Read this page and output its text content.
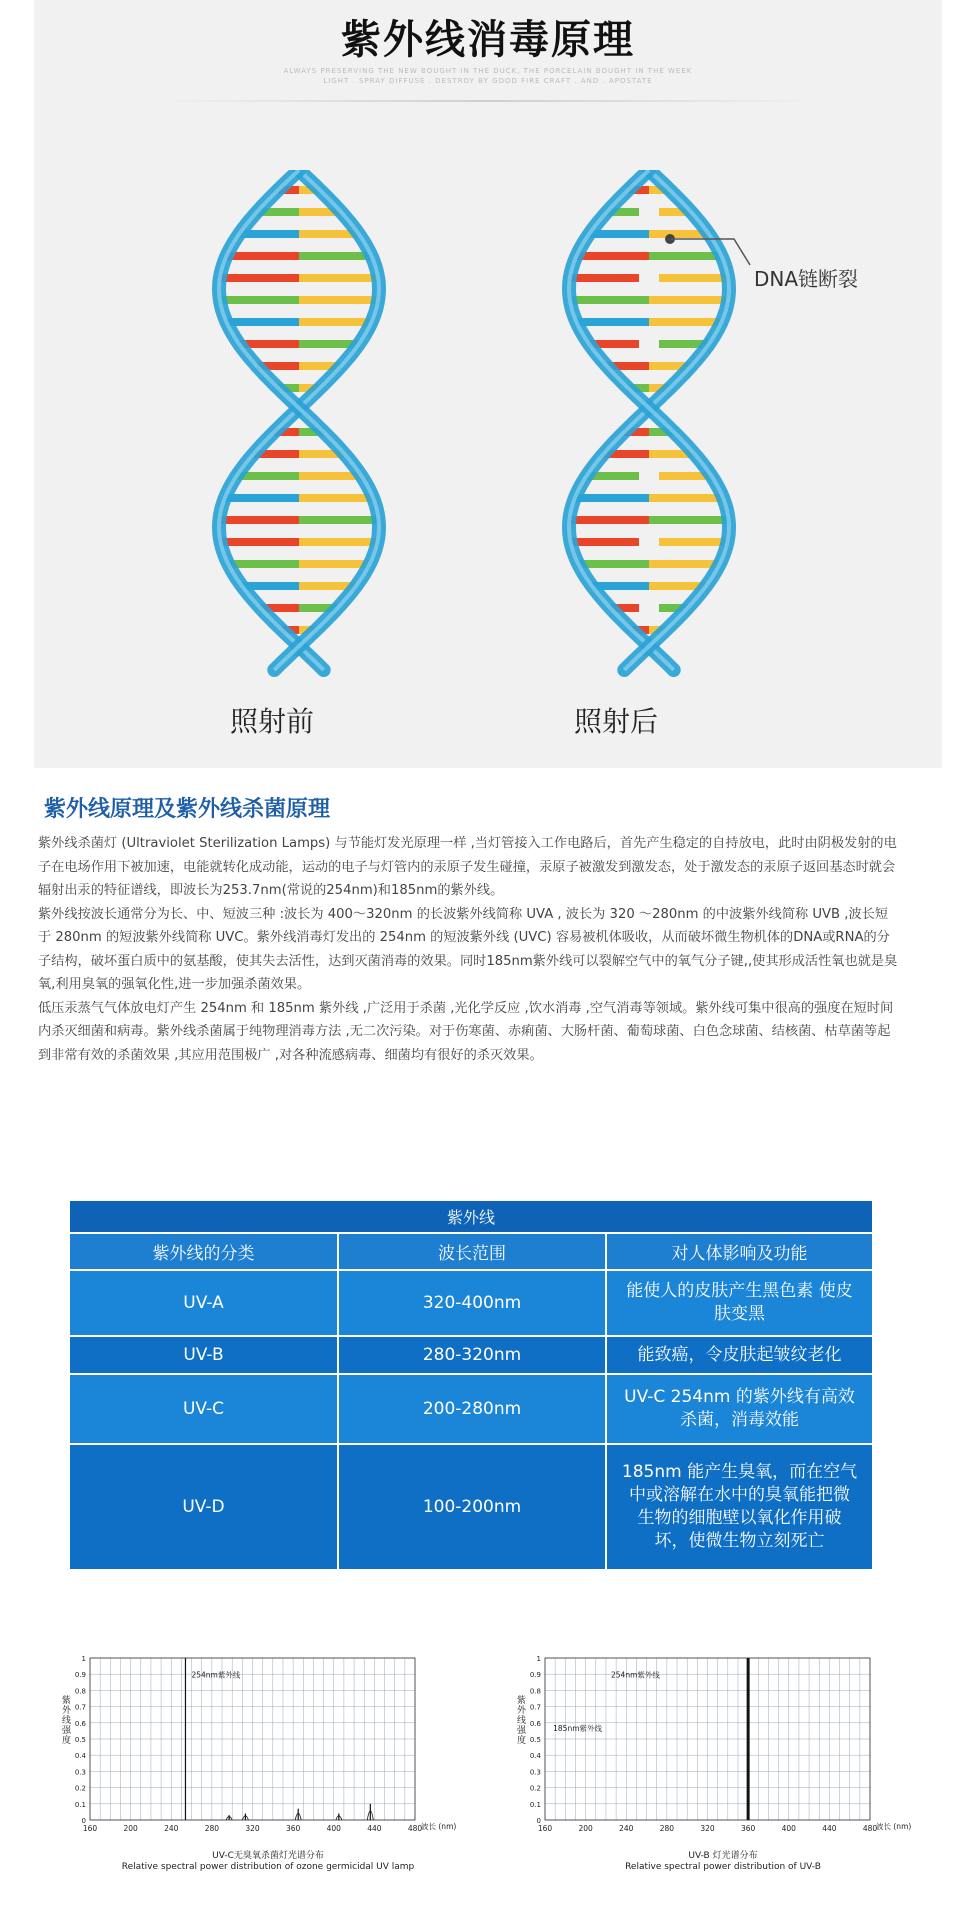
紫外线消毒原理
ALWAYS PRESERVING THE NEW BOUGHT IN THE DUCK, THE PORCELAIN BOUGHT IN THE WEEK
LIGHT . SPRAY DIFFUSE . DESTROY BY GOOD FIRE CRAFT . AND . APOSTATE
DNA链断裂
照射前	照射后
紫外线原理及紫外线杀菌原理

紫外线杀菌灯 (Ultraviolet Sterilization Lamps) 与节能灯发光原理一样 ,当灯管接入工作电路后，首先产生稳定的自持放电，此时由阴极发射的电子在电场作用下被加速，电能就转化成动能，运动的电子与灯管内的汞原子发生碰撞，汞原子被激发到激发态，处于激发态的汞原子返回基态时就会辐射出汞的特征谱线，即波长为253.7nm(常说的254nm)和185nm的紫外线。

紫外线按波长通常分为长、中、短波三种 :波长为 400～320nm 的长波紫外线简称 UVA , 波长为 320 ～280nm 的中波紫外线简称 UVB ,波长短于 280nm 的短波紫外线简称 UVC。紫外线消毒灯发出的 254nm 的短波紫外线 (UVC) 容易被机体吸收，从而破坏微生物机体的DNA或RNA的分子结构，破坏蛋白质中的氨基酸，使其失去活性，达到灭菌消毒的效果。同时185nm紫外线可以裂解空气中的氧气分子键,,使其形成活性氧也就是臭氧,利用臭氧的强氧化性,进一步加强杀菌效果。

低压汞蒸气气体放电灯产生 254nm 和 185nm 紫外线 ,广泛用于杀菌 ,光化学反应 ,饮水消毒 ,空气消毒等领域。紫外线可集中很高的强度在短时间内杀灭细菌和病毒。紫外线杀菌属于纯物理消毒方法 ,无二次污染。对于伤寒菌、赤痢菌、大肠杆菌、葡萄球菌、白色念球菌、结核菌、枯草菌等起到非常有效的杀菌效果 ,其应用范围极广 ,对各种流感病毒、细菌均有很好的杀灭效果。

紫外线		
紫外线的分类	波长范围	对人体影响及功能
UV-A	320-400nm	能使人的皮肤产生黑色素 使皮肤变黑
UV-B	280-320nm	能致癌，令皮肤起皱纹老化
UV-C	200-280nm	UV-C 254nm 的紫外线有高效杀菌，消毒效能
UV-D	100-200nm	185nm 能产生臭氧，而在空气中或溶解在水中的臭氧能把微生物的细胞壁以氧化作用破坏，使微生物立刻死亡
0
0.1
0.2
0.3
0.4
0.5
0.6
0.7
0.8
0.9
1
160	200	240	280	320	360	400	440	480
波长 (nm)
紫
外
线
强
度
254nm紫外线
UV-C无臭氧杀菌灯光谱分布
Relative spectral power distribution of ozone germicidal UV lamp
0
0.1
0.2
0.3
0.4
0.5
0.6
0.7
0.8
0.9
1
160	200	240	280	320	360	400	440	480
波长 (nm)
紫
外
线
强
度
254nm紫外线
185nm紫外线
UV-B 灯光谱分布
Relative spectral power distribution of UV-B
